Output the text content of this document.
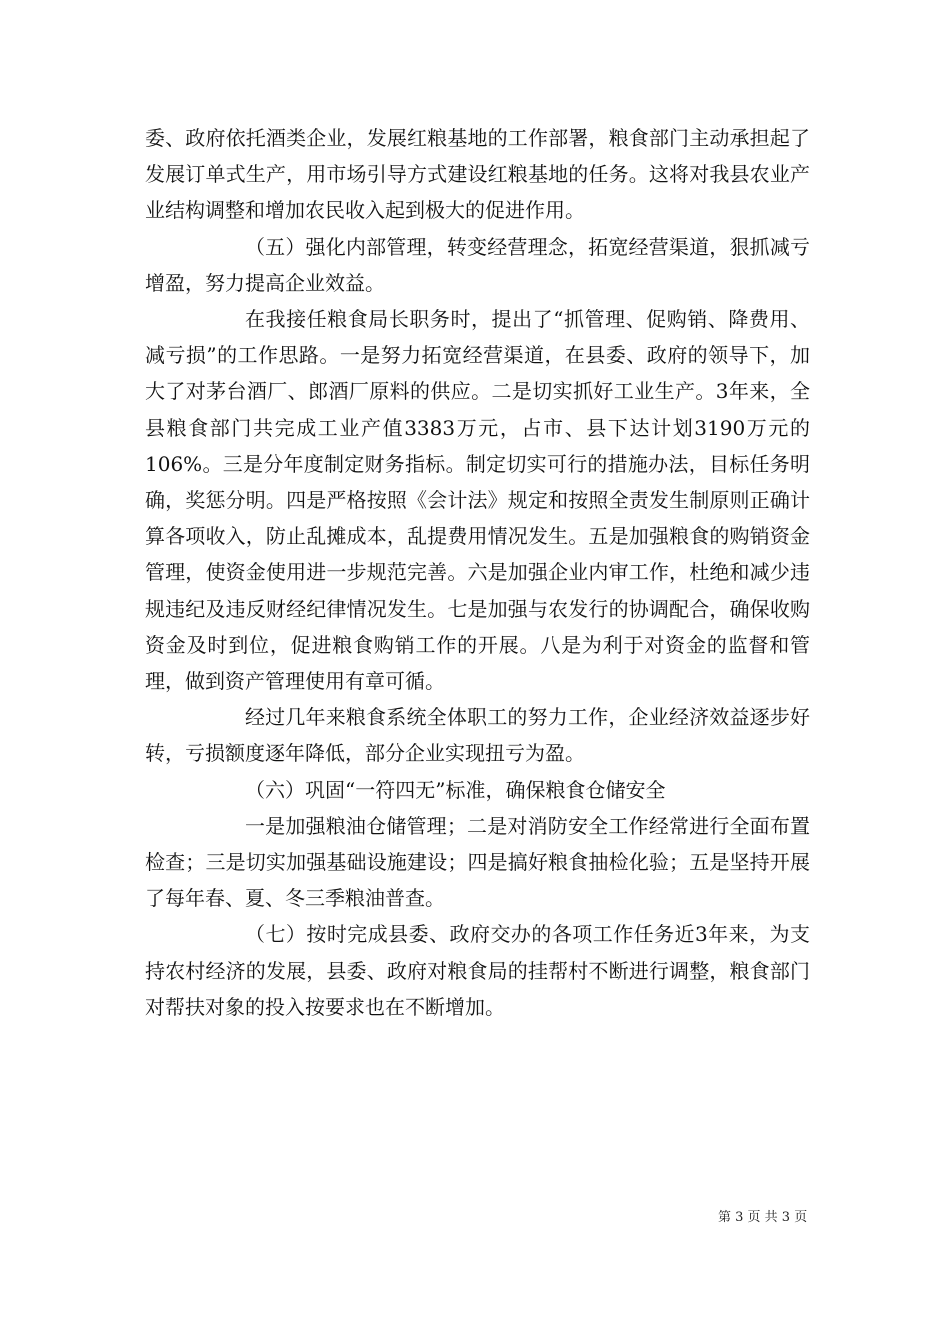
委、政府依托酒类企业，发展红粮基地的工作部署，粮食部门主动承担起了发展订单式生产，用市场引导方式建设红粮基地的任务。这将对我县农业产业结构调整和增加农民收入起到极大的促进作用。

（五）强化内部管理，转变经营理念，拓宽经营渠道，狠抓减亏增盈，努力提高企业效益。

在我接任粮食局长职务时，提出了“抓管理、促购销、降费用、减亏损”的工作思路。一是努力拓宽经营渠道，在县委、政府的领导下，加大了对茅台酒厂、郎酒厂原料的供应。二是切实抓好工业生产。3年来，全县粮食部门共完成工业产值3383万元，占市、县下达计划3190万元的106%。三是分年度制定财务指标。制定切实可行的措施办法，目标任务明确，奖惩分明。四是严格按照《会计法》规定和按照全责发生制原则正确计算各项收入，防止乱摊成本，乱提费用情况发生。五是加强粮食的购销资金管理，使资金使用进一步规范完善。六是加强企业内审工作，杜绝和减少违规违纪及违反财经纪律情况发生。七是加强与农发行的协调配合，确保收购资金及时到位，促进粮食购销工作的开展。八是为利于对资金的监督和管理，做到资产管理使用有章可循。

经过几年来粮食系统全体职工的努力工作，企业经济效益逐步好转，亏损额度逐年降低，部分企业实现扭亏为盈。

（六）巩固“一符四无”标准，确保粮食仓储安全

一是加强粮油仓储管理；二是对消防安全工作经常进行全面布置检查；三是切实加强基础设施建设；四是搞好粮食抽检化验；五是坚持开展了每年春、夏、冬三季粮油普查。

（七）按时完成县委、政府交办的各项工作任务近3年来，为支持农村经济的发展，县委、政府对粮食局的挂帮村不断进行调整，粮食部门对帮扶对象的投入按要求也在不断增加。

第 3 页 共 3 页
